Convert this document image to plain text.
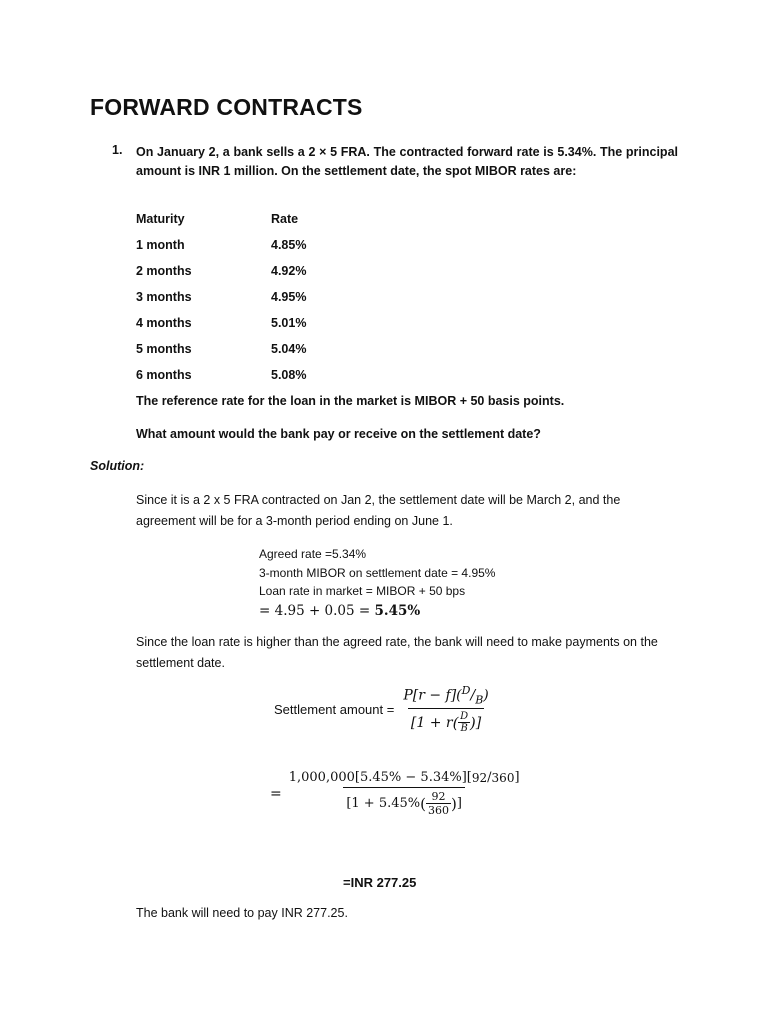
FORWARD CONTRACTS
1. On January 2, a bank sells a 2 × 5 FRA. The contracted forward rate is 5.34%. The principal
amount is INR 1 million. On the settlement date, the spot MIBOR rates are:
Maturity	Rate
1 month	4.85%
2 months	4.92%
3 months	4.95%
4 months	5.01%
5 months	5.04%
6 months	5.08%
The reference rate for the loan in the market is MIBOR + 50 basis points.
What amount would the bank pay or receive on the settlement date?
Solution:
Since it is a 2 x 5 FRA contracted on Jan 2, the settlement date will be March 2, and the
agreement will be for a 3-month period ending on June 1.
Agreed rate =5.34%
3-month MIBOR on settlement date = 4.95%
Loan rate in market = MIBOR + 50 bps
= 4.95 + 0.05 = 5.45%
Since the loan rate is higher than the agreed rate, the bank will need to make payments on the
settlement date.
Settlement amount =
$P[r - f](^D/_B)$
[1 + r ( $\frac{D}{B}$ ) ]
=
1,000,000[5.45% − 5.34%][ 92 / 360 ]
[1 + 5.45% ( $\frac{92}{360}$ ) ]
=INR 277.25
The bank will need to pay INR 277.25.
